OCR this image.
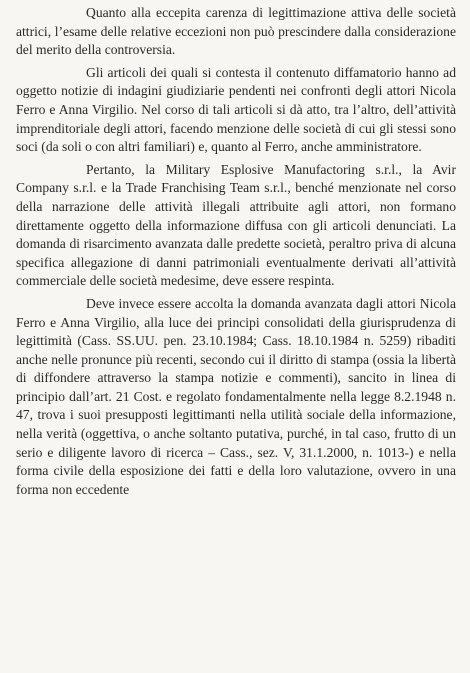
Quanto alla eccepita carenza di legittimazione attiva delle società attrici, l’esame delle relative eccezioni non può prescindere dalla considerazione del merito della controversia.

Gli articoli dei quali si contesta il contenuto diffamatorio hanno ad oggetto notizie di indagini giudiziarie pendenti nei confronti degli attori Nicola Ferro e Anna Virgilio. Nel corso di tali articoli si dà atto, tra l’altro, dell’attività imprenditoriale degli attori, facendo menzione delle società di cui gli stessi sono soci (da soli o con altri familiari) e, quanto al Ferro, anche amministratore.

Pertanto, la Military Esplosive Manufactoring s.r.l., la Avir Company s.r.l. e la Trade Franchising Team s.r.l., benché menzionate nel corso della narrazione delle attività illegali attribuite agli attori, non formano direttamente oggetto della informazione diffusa con gli articoli denunciati. La domanda di risarcimento avanzata dalle predette società, peraltro priva di alcuna specifica allegazione di danni patrimoniali eventualmente derivati all’attività commerciale delle società medesime, deve essere respinta.

Deve invece essere accolta la domanda avanzata dagli attori Nicola Ferro e Anna Virgilio, alla luce dei principi consolidati della giurisprudenza di legittimità (Cass. SS.UU. pen. 23.10.1984; Cass. 18.10.1984 n. 5259) ribaditi anche nelle pronunce più recenti, secondo cui il diritto di stampa (ossia la libertà di diffondere attraverso la stampa notizie e commenti), sancito in linea di principio dall’art. 21 Cost. e regolato fondamentalmente nella legge 8.2.1948 n. 47, trova i suoi presupposti legittimanti nella utilità sociale della informazione, nella verità (oggettiva, o anche soltanto putativa, purché, in tal caso, frutto di un serio e diligente lavoro di ricerca – Cass., sez. V, 31.1.2000, n. 1013-) e nella forma civile della esposizione dei fatti e della loro valutazione, ovvero in una forma non eccedente
